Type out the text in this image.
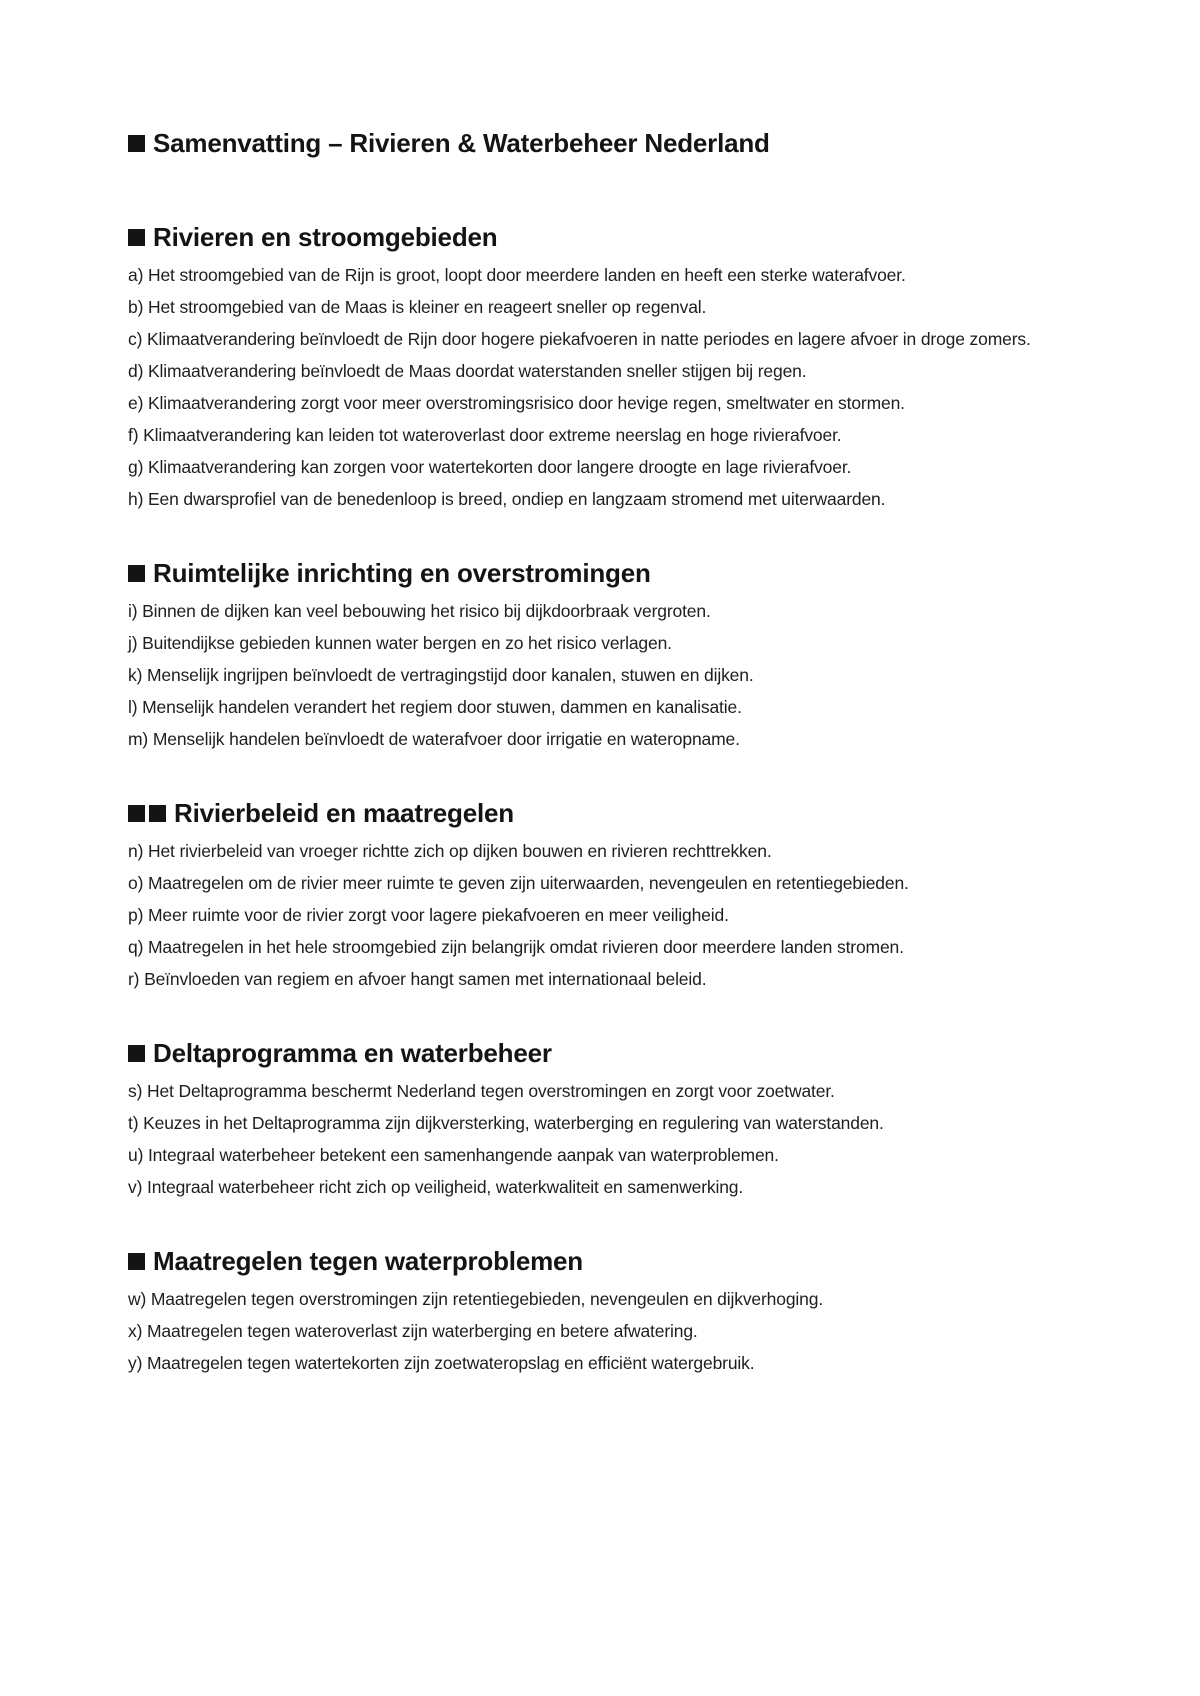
Samenvatting – Rivieren & Waterbeheer Nederland
Rivieren en stroomgebieden
a) Het stroomgebied van de Rijn is groot, loopt door meerdere landen en heeft een sterke waterafvoer.
b) Het stroomgebied van de Maas is kleiner en reageert sneller op regenval.
c) Klimaatverandering beïnvloedt de Rijn door hogere piekafvoeren in natte periodes en lagere afvoer in droge zomers.
d) Klimaatverandering beïnvloedt de Maas doordat waterstanden sneller stijgen bij regen.
e) Klimaatverandering zorgt voor meer overstromingsrisico door hevige regen, smeltwater en stormen.
f) Klimaatverandering kan leiden tot wateroverlast door extreme neerslag en hoge rivierafvoer.
g) Klimaatverandering kan zorgen voor watertekorten door langere droogte en lage rivierafvoer.
h) Een dwarsprofiel van de benedenloop is breed, ondiep en langzaam stromend met uiterwaarden.
Ruimtelijke inrichting en overstromingen
i) Binnen de dijken kan veel bebouwing het risico bij dijkdoorbraak vergroten.
j) Buitendijkse gebieden kunnen water bergen en zo het risico verlagen.
k) Menselijk ingrijpen beïnvloedt de vertragingstijd door kanalen, stuwen en dijken.
l) Menselijk handelen verandert het regiem door stuwen, dammen en kanalisatie.
m) Menselijk handelen beïnvloedt de waterafvoer door irrigatie en wateropname.
Rivierbeleid en maatregelen
n) Het rivierbeleid van vroeger richtte zich op dijken bouwen en rivieren rechttrekken.
o) Maatregelen om de rivier meer ruimte te geven zijn uiterwaarden, nevengeulen en retentiegebieden.
p) Meer ruimte voor de rivier zorgt voor lagere piekafvoeren en meer veiligheid.
q) Maatregelen in het hele stroomgebied zijn belangrijk omdat rivieren door meerdere landen stromen.
r) Beïnvloeden van regiem en afvoer hangt samen met internationaal beleid.
Deltaprogramma en waterbeheer
s) Het Deltaprogramma beschermt Nederland tegen overstromingen en zorgt voor zoetwater.
t) Keuzes in het Deltaprogramma zijn dijkversterking, waterberging en regulering van waterstanden.
u) Integraal waterbeheer betekent een samenhangende aanpak van waterproblemen.
v) Integraal waterbeheer richt zich op veiligheid, waterkwaliteit en samenwerking.
Maatregelen tegen waterproblemen
w) Maatregelen tegen overstromingen zijn retentiegebieden, nevengeulen en dijkverhoging.
x) Maatregelen tegen wateroverlast zijn waterberging en betere afwatering.
y) Maatregelen tegen watertekorten zijn zoetwateropslag en efficiënt watergebruik.
